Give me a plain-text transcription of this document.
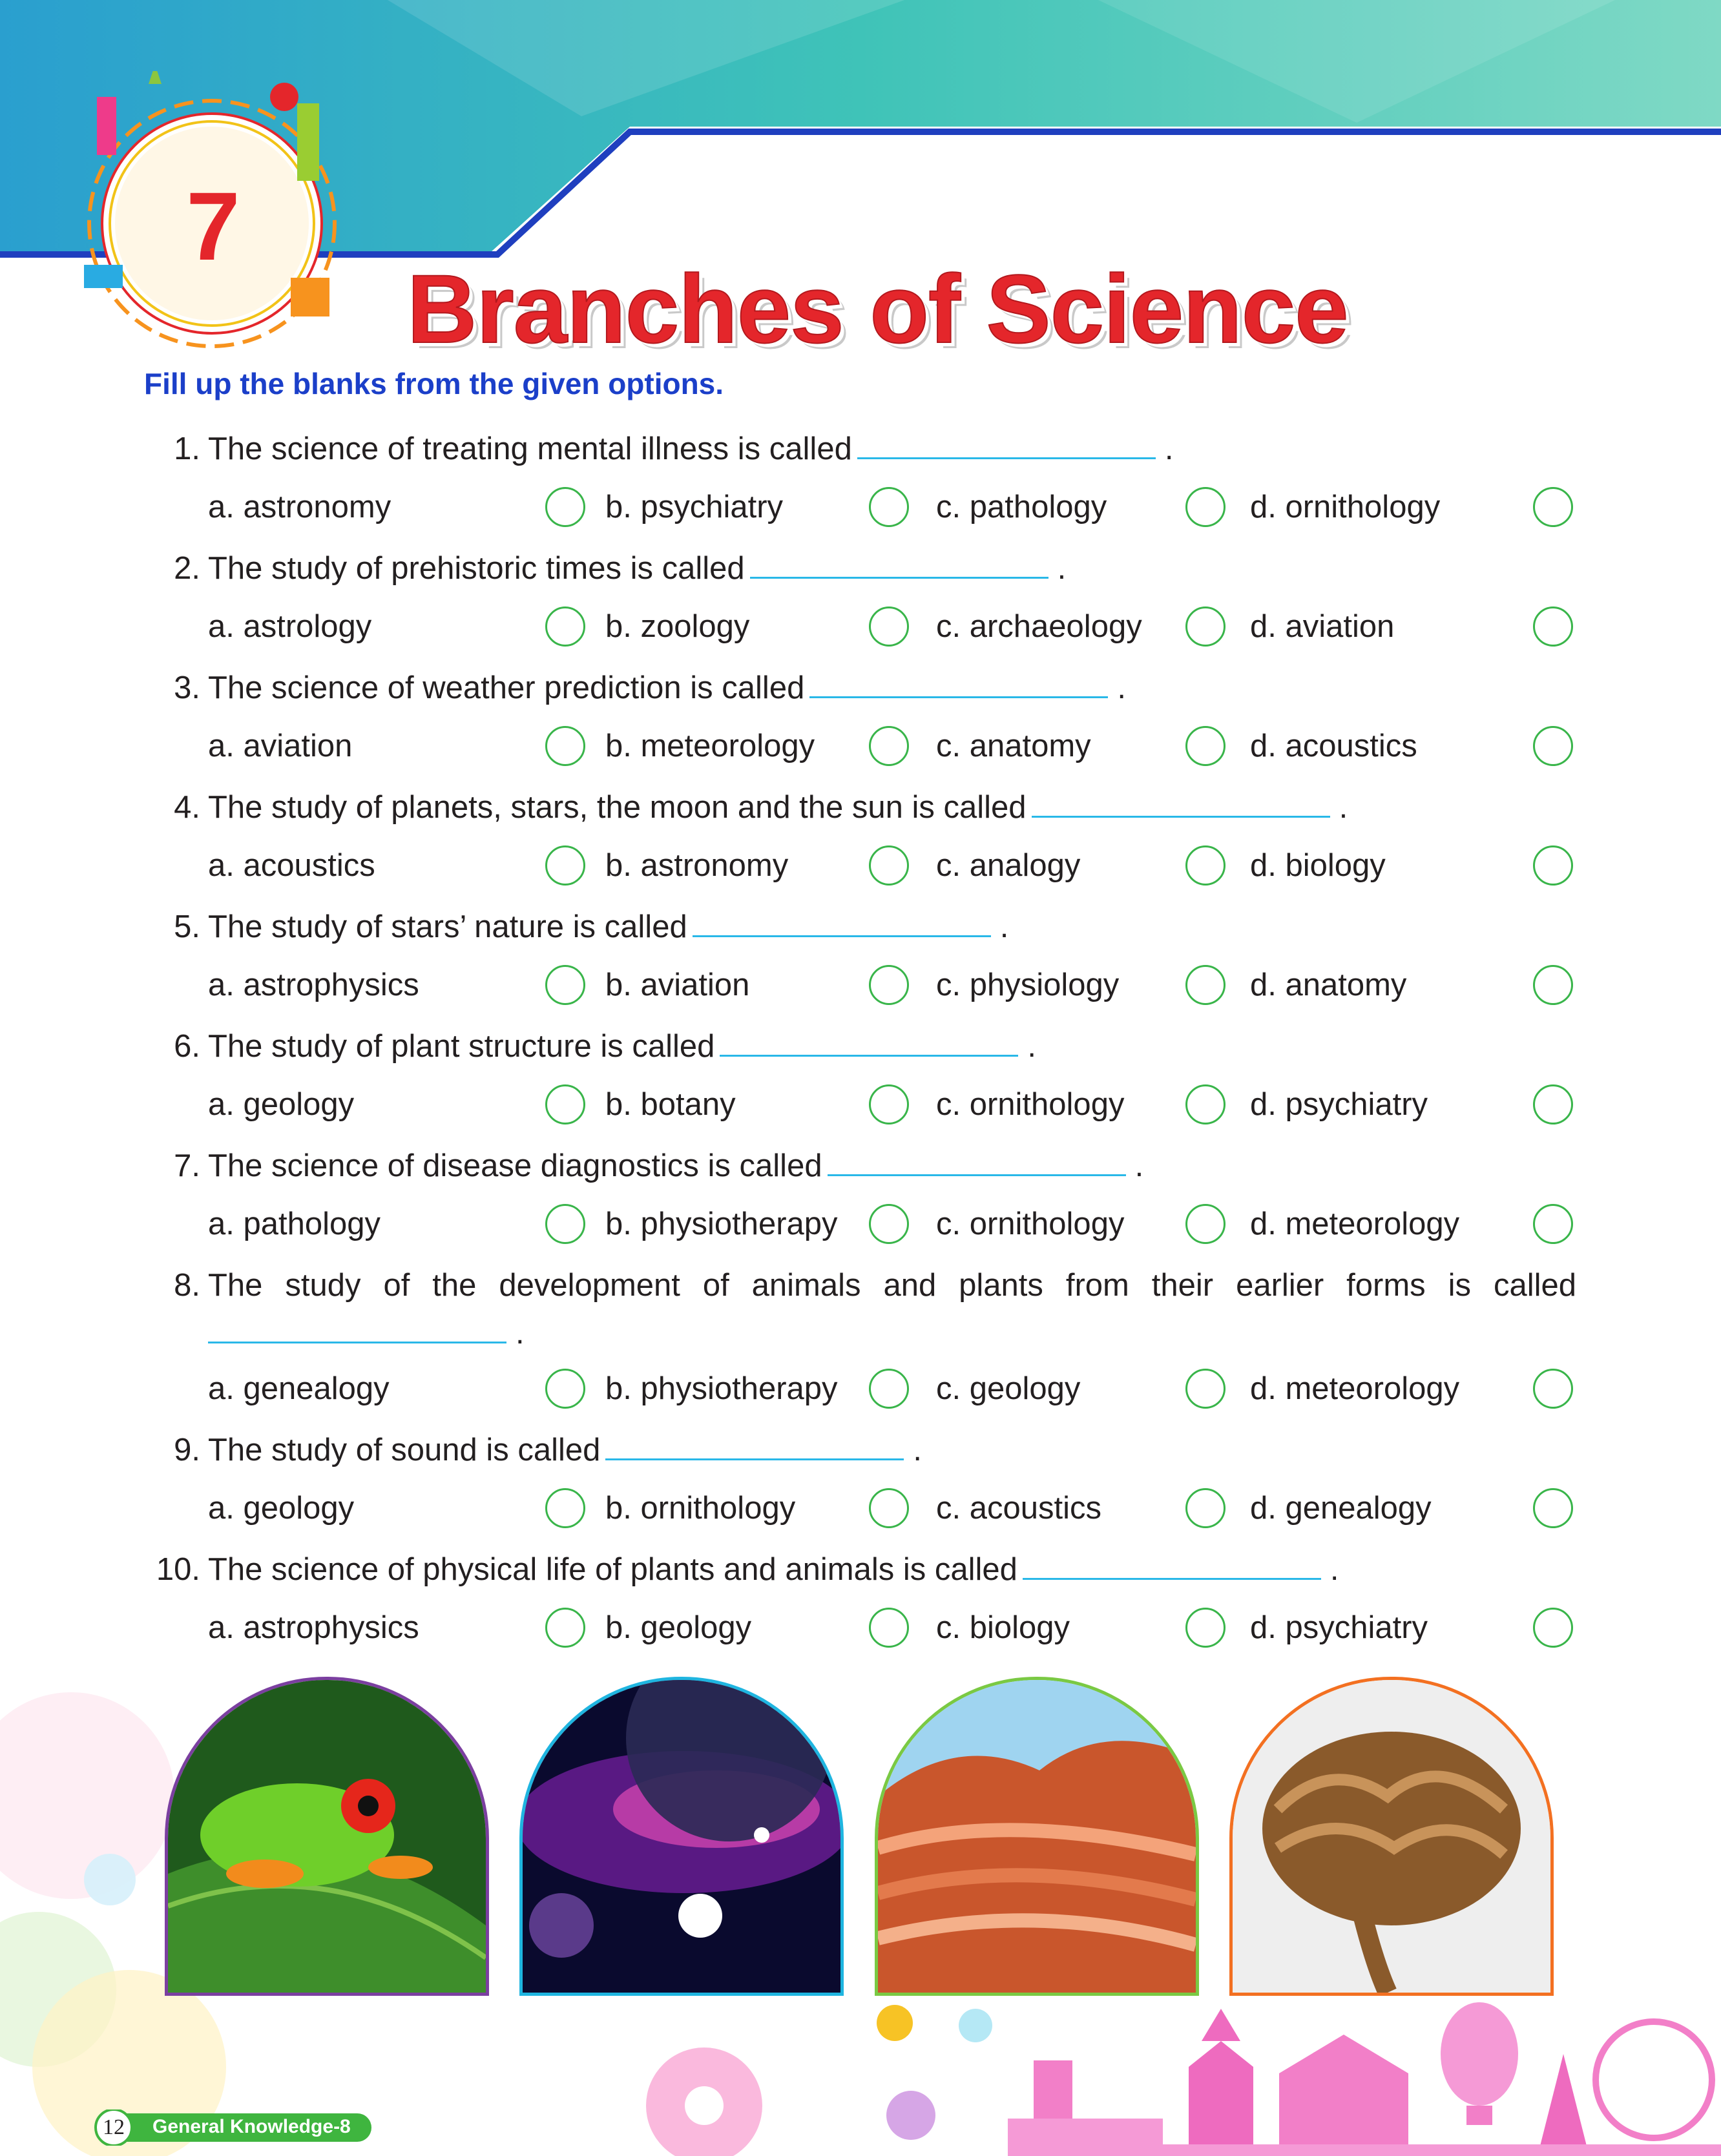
7
Branches of Science
Fill up the blanks from the given options.
1. The science of treating mental illness is called	.
a. astronomy	b. psychiatry	c. pathology	d. ornithology
2. The study of prehistoric times is called	.
a. astrology	b. zoology	c. archaeology	d. aviation
3. The science of weather prediction is called	.
a. aviation	b. meteorology	c. anatomy	d. acoustics
4. The study of planets, stars, the moon and the sun is called	.
a. acoustics	b. astronomy	c. analogy	d. biology
5. The study of stars’ nature is called	.
a. astrophysics	b. aviation	c. physiology	d. anatomy
6. The study of plant structure is called	.
a. geology	b. botany	c. ornithology	d. psychiatry
7. The science of disease diagnostics is called	.
a. pathology	b. physiotherapy	c. ornithology	d. meteorology
8. The study of the development of animals and plants from their earlier forms is called
.
a. genealogy	b. physiotherapy	c. geology	d. meteorology
9. The study of sound is called	.
a. geology	b. ornithology	c. acoustics	d. genealogy
10. The science of physical life of plants and animals is called	.
a. astrophysics	b. geology	c. biology	d. psychiatry
12	General Knowledge-8
